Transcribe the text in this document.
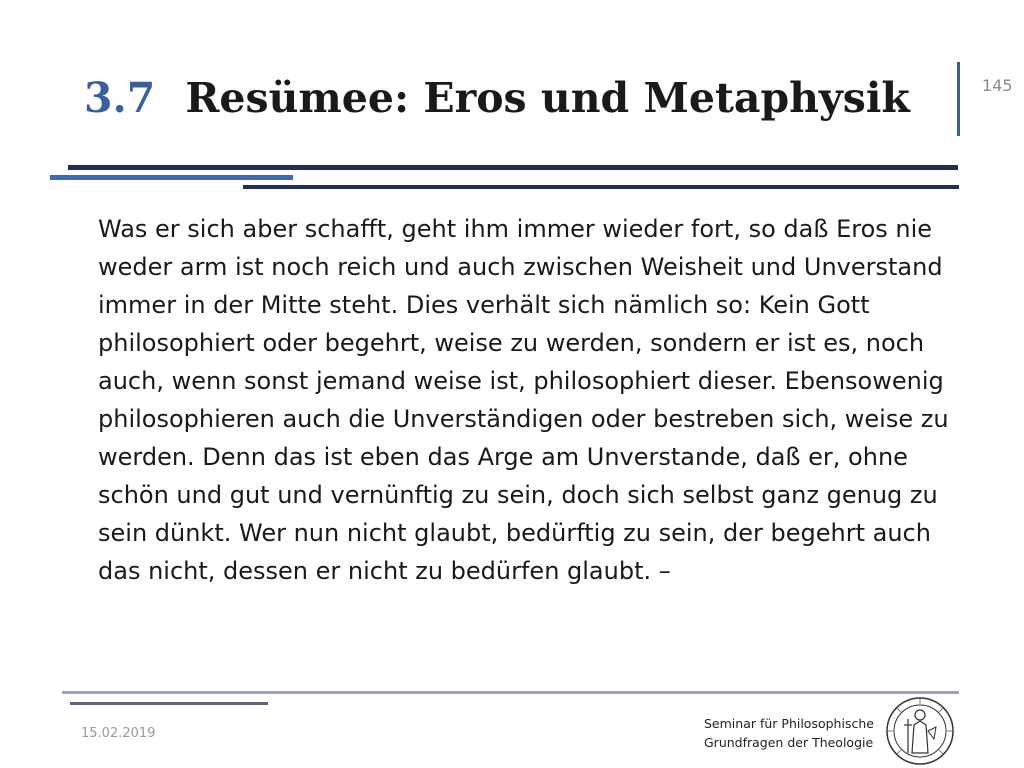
3.7 Resümee: Eros und Metaphysik	145

Was er sich aber schafft, geht ihm immer wieder fort, so daß Eros nie weder arm ist noch reich und auch zwischen Weisheit und Unverstand immer in der Mitte steht. Dies verhält sich nämlich so: Kein Gott philosophiert oder begehrt, weise zu werden, sondern er ist es, noch auch, wenn sonst jemand weise ist, philosophiert dieser. Ebensowenig philosophieren auch die Unverständigen oder bestreben sich, weise zu werden. Denn das ist eben das Arge am Unverstande, daß er, ohne schön und gut und vernünftig zu sein, doch sich selbst ganz genug zu sein dünkt. Wer nun nicht glaubt, bedürftig zu sein, der begehrt auch das nicht, dessen er nicht zu bedürfen glaubt. –

15.02.2019
Seminar für Philosophische
Grundfragen der Theologie
